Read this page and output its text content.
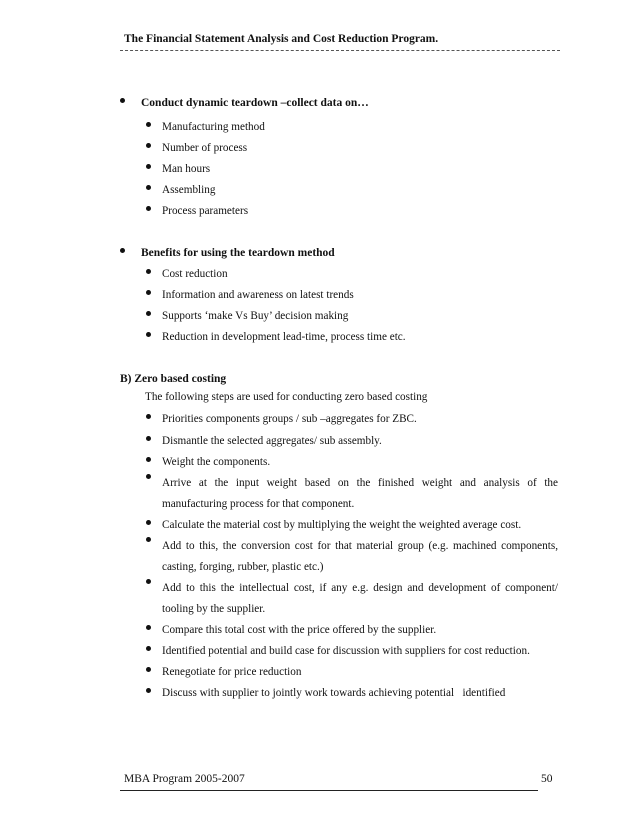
The Financial Statement Analysis and Cost Reduction Program.
Conduct dynamic teardown –collect data on…
Manufacturing method
Number of process
Man hours
Assembling
Process parameters
Benefits for using the teardown method
Cost reduction
Information and awareness on latest trends
Supports ‘make Vs Buy’ decision making
Reduction in development lead-time, process time etc.
B) Zero based costing
The following steps are used for conducting zero based costing
Priorities components groups / sub –aggregates for ZBC.
Dismantle the selected aggregates/ sub assembly.
Weight the components.
Arrive at the input weight based on the finished weight and analysis of the
manufacturing process for that component.
Calculate the material cost by multiplying the weight the weighted average cost.
Add to this, the conversion cost for that material group (e.g. machined components,
casting, forging, rubber, plastic etc.)
Add to this the intellectual cost, if any e.g. design and development of component/
tooling by the supplier.
Compare this total cost with the price offered by the supplier.
Identified potential and build case for discussion with suppliers for cost reduction.
Renegotiate for price reduction
Discuss with supplier to jointly work towards achieving potential   identified
MBA Program 2005-2007	50
